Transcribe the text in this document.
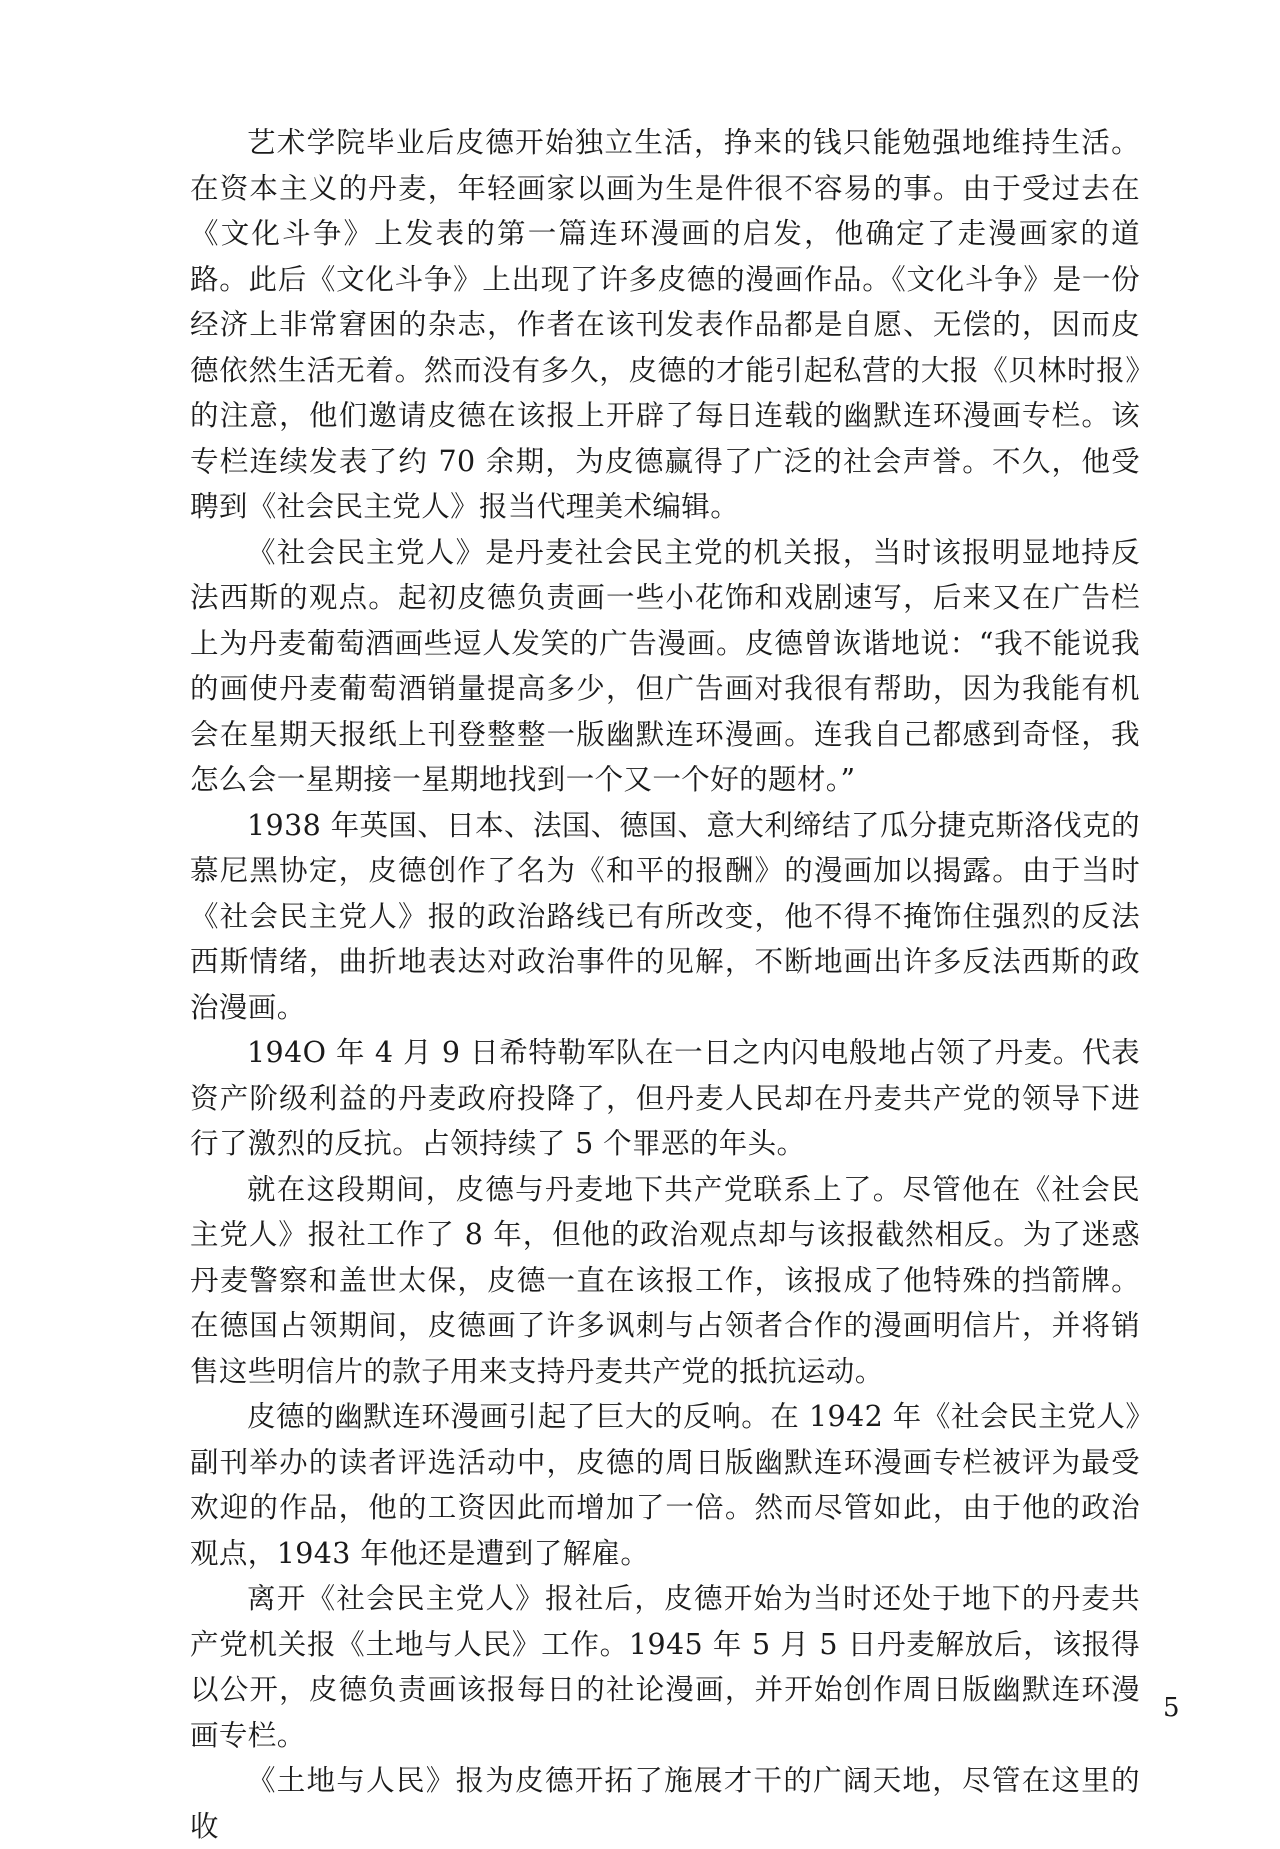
艺术学院毕业后皮德开始独立生活，挣来的钱只能勉强地维持生活。在资本主义的丹麦，年轻画家以画为生是件很不容易的事。由于受过去在《文化斗争》上发表的第一篇连环漫画的启发，他确定了走漫画家的道路。此后《文化斗争》上出现了许多皮德的漫画作品。《文化斗争》是一份经济上非常窘困的杂志，作者在该刊发表作品都是自愿、无偿的，因而皮德依然生活无着。然而没有多久，皮德的才能引起私营的大报《贝林时报》的注意，他们邀请皮德在该报上开辟了每日连载的幽默连环漫画专栏。该专栏连续发表了约 70 余期，为皮德赢得了广泛的社会声誉。不久，他受聘到《社会民主党人》报当代理美术编辑。

《社会民主党人》是丹麦社会民主党的机关报，当时该报明显地持反法西斯的观点。起初皮德负责画一些小花饰和戏剧速写，后来又在广告栏上为丹麦葡萄酒画些逗人发笑的广告漫画。皮德曾诙谐地说：“我不能说我的画使丹麦葡萄酒销量提高多少，但广告画对我很有帮助，因为我能有机会在星期天报纸上刊登整整一版幽默连环漫画。连我自己都感到奇怪，我怎么会一星期接一星期地找到一个又一个好的题材。”

1938 年英国、日本、法国、德国、意大利缔结了瓜分捷克斯洛伐克的慕尼黑协定，皮德创作了名为《和平的报酬》的漫画加以揭露。由于当时《社会民主党人》报的政治路线已有所改变，他不得不掩饰住强烈的反法西斯情绪，曲折地表达对政治事件的见解，不断地画出许多反法西斯的政治漫画。

194O 年 4 月 9 日希特勒军队在一日之内闪电般地占领了丹麦。代表资产阶级利益的丹麦政府投降了，但丹麦人民却在丹麦共产党的领导下进行了激烈的反抗。占领持续了 5 个罪恶的年头。

就在这段期间，皮德与丹麦地下共产党联系上了。尽管他在《社会民主党人》报社工作了 8 年，但他的政治观点却与该报截然相反。为了迷惑丹麦警察和盖世太保，皮德一直在该报工作，该报成了他特殊的挡箭牌。在德国占领期间，皮德画了许多讽刺与占领者合作的漫画明信片，并将销售这些明信片的款子用来支持丹麦共产党的抵抗运动。

皮德的幽默连环漫画引起了巨大的反响。在 1942 年《社会民主党人》副刊举办的读者评选活动中，皮德的周日版幽默连环漫画专栏被评为最受欢迎的作品，他的工资因此而增加了一倍。然而尽管如此，由于他的政治观点，1943 年他还是遭到了解雇。

离开《社会民主党人》报社后，皮德开始为当时还处于地下的丹麦共产党机关报《土地与人民》工作。1945 年 5 月 5 日丹麦解放后，该报得以公开，皮德负责画该报每日的社论漫画，并开始创作周日版幽默连环漫画专栏。

《土地与人民》报为皮德开拓了施展才干的广阔天地，尽管在这里的收

5
